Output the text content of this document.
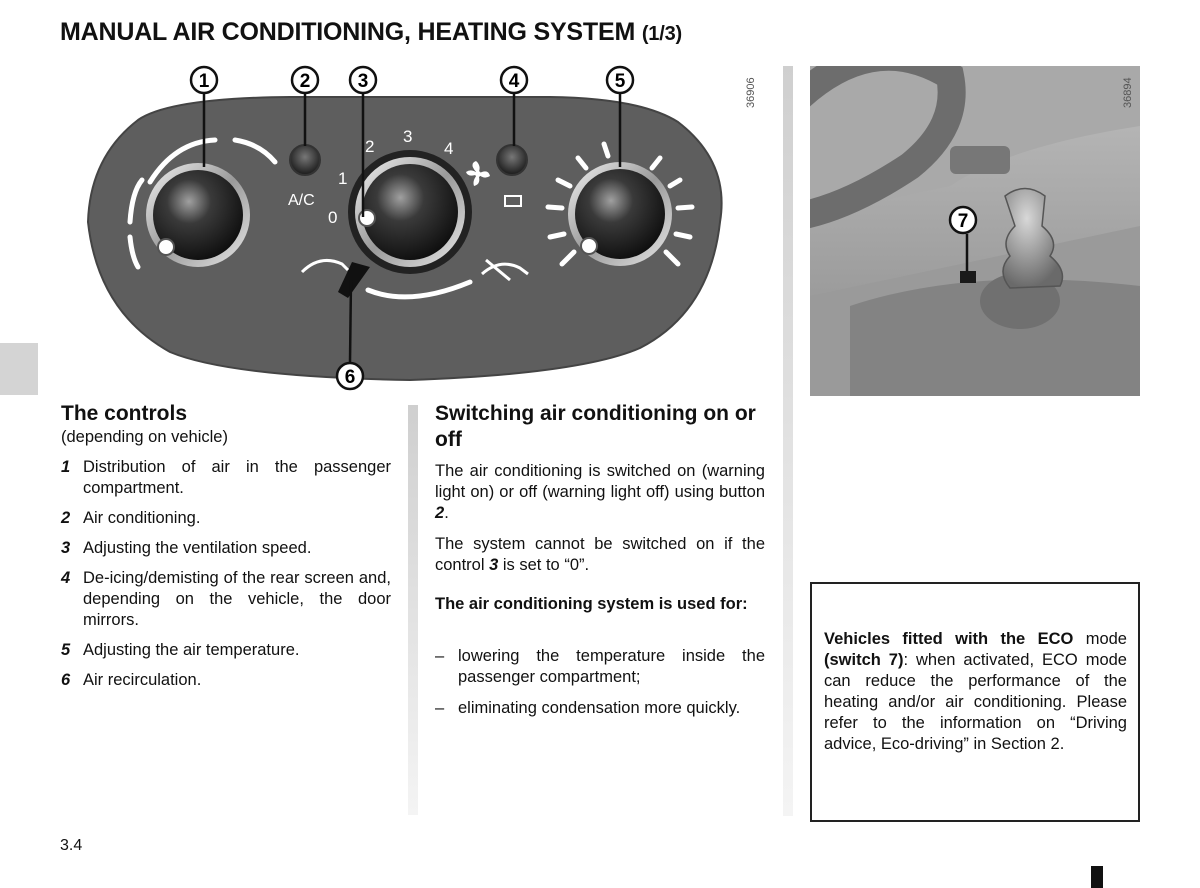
MANUAL AIR CONDITIONING, HEATING SYSTEM (1/3)
A/C
0
1
2
3
4
1	2 3	4	5
6
36906
7
36894
The controls
(depending on vehicle)
1 Distribution of air in the passenger compartment.
2 Air conditioning.
3 Adjusting the ventilation speed.
4 De-icing/demisting of the rear screen and, depending on the vehicle, the door mirrors.
5 Adjusting the air temperature.
6 Air recirculation.
Switching air conditioning on or off
The air conditioning is switched on (warning light on) or off (warning light off) using button 2.
The system cannot be switched on if the control 3 is set to “0”.
The air conditioning system is used for:
– lowering the temperature inside the passenger compartment;
– eliminating condensation more quickly.
Vehicles fitted with the ECO mode (switch 7): when activated, ECO mode can reduce the performance of the heating and/or air conditioning. Please refer to the information on “Driving advice, Eco-driving” in Section 2.
3.4
